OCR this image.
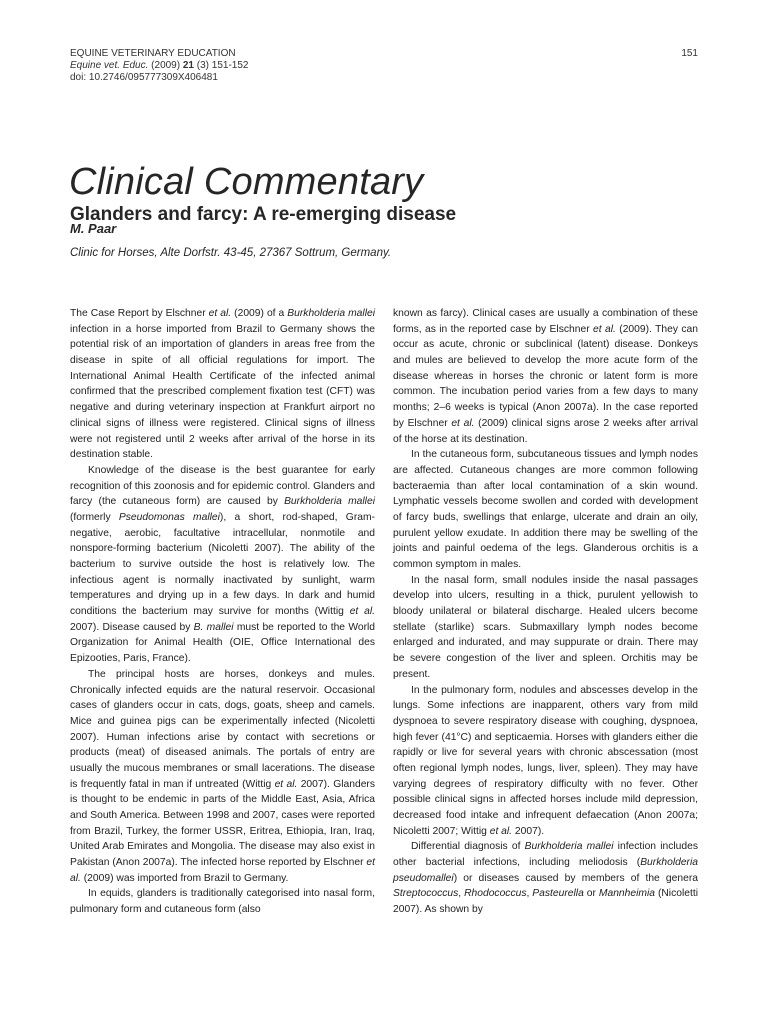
EQUINE VETERINARY EDUCATION
Equine vet. Educ. (2009) 21 (3) 151-152
doi: 10.2746/095777309X406481
151
Clinical Commentary
Glanders and farcy: A re-emerging disease
M. Paar
Clinic for Horses, Alte Dorfstr. 43-45, 27367 Sottrum, Germany.

The Case Report by Elschner et al. (2009) of a Burkholderia mallei infection in a horse imported from Brazil to Germany shows the potential risk of an importation of glanders in areas free from the disease in spite of all official regulations for import. The International Animal Health Certificate of the infected animal confirmed that the prescribed complement fixation test (CFT) was negative and during veterinary inspection at Frankfurt airport no clinical signs of illness were registered. Clinical signs of illness were not registered until 2 weeks after arrival of the horse in its destination stable.

Knowledge of the disease is the best guarantee for early recognition of this zoonosis and for epidemic control. Glanders and farcy (the cutaneous form) are caused by Burkholderia mallei (formerly Pseudomonas mallei), a short, rod-shaped, Gram-negative, aerobic, facultative intracellular, nonmotile and nonspore-forming bacterium (Nicoletti 2007). The ability of the bacterium to survive outside the host is relatively low. The infectious agent is normally inactivated by sunlight, warm temperatures and drying up in a few days. In dark and humid conditions the bacterium may survive for months (Wittig et al. 2007). Disease caused by B. mallei must be reported to the World Organization for Animal Health (OIE, Office International des Epizooties, Paris, France).

The principal hosts are horses, donkeys and mules. Chronically infected equids are the natural reservoir. Occasional cases of glanders occur in cats, dogs, goats, sheep and camels. Mice and guinea pigs can be experimentally infected (Nicoletti 2007). Human infections arise by contact with secretions or products (meat) of diseased animals. The portals of entry are usually the mucous membranes or small lacerations. The disease is frequently fatal in man if untreated (Wittig et al. 2007). Glanders is thought to be endemic in parts of the Middle East, Asia, Africa and South America. Between 1998 and 2007, cases were reported from Brazil, Turkey, the former USSR, Eritrea, Ethiopia, Iran, Iraq, United Arab Emirates and Mongolia. The disease may also exist in Pakistan (Anon 2007a). The infected horse reported by Elschner et al. (2009) was imported from Brazil to Germany.

In equids, glanders is traditionally categorised into nasal form, pulmonary form and cutaneous form (also

known as farcy). Clinical cases are usually a combination of these forms, as in the reported case by Elschner et al. (2009). They can occur as acute, chronic or subclinical (latent) disease. Donkeys and mules are believed to develop the more acute form of the disease whereas in horses the chronic or latent form is more common. The incubation period varies from a few days to many months; 2–6 weeks is typical (Anon 2007a). In the case reported by Elschner et al. (2009) clinical signs arose 2 weeks after arrival of the horse at its destination.

In the cutaneous form, subcutaneous tissues and lymph nodes are affected. Cutaneous changes are more common following bacteraemia than after local contamination of a skin wound. Lymphatic vessels become swollen and corded with development of farcy buds, swellings that enlarge, ulcerate and drain an oily, purulent yellow exudate. In addition there may be swelling of the joints and painful oedema of the legs. Glanderous orchitis is a common symptom in males.

In the nasal form, small nodules inside the nasal passages develop into ulcers, resulting in a thick, purulent yellowish to bloody unilateral or bilateral discharge. Healed ulcers become stellate (starlike) scars. Submaxillary lymph nodes become enlarged and indurated, and may suppurate or drain. There may be severe congestion of the liver and spleen. Orchitis may be present.

In the pulmonary form, nodules and abscesses develop in the lungs. Some infections are inapparent, others vary from mild dyspnoea to severe respiratory disease with coughing, dyspnoea, high fever (41°C) and septicaemia. Horses with glanders either die rapidly or live for several years with chronic abscessation (most often regional lymph nodes, lungs, liver, spleen). They may have varying degrees of respiratory difficulty with no fever. Other possible clinical signs in affected horses include mild depression, decreased food intake and infrequent defaecation (Anon 2007a; Nicoletti 2007; Wittig et al. 2007).

Differential diagnosis of Burkholderia mallei infection includes other bacterial infections, including meliodosis (Burkholderia pseudomallei) or diseases caused by members of the genera Streptococcus, Rhodococcus, Pasteurella or Mannheimia (Nicoletti 2007). As shown by
